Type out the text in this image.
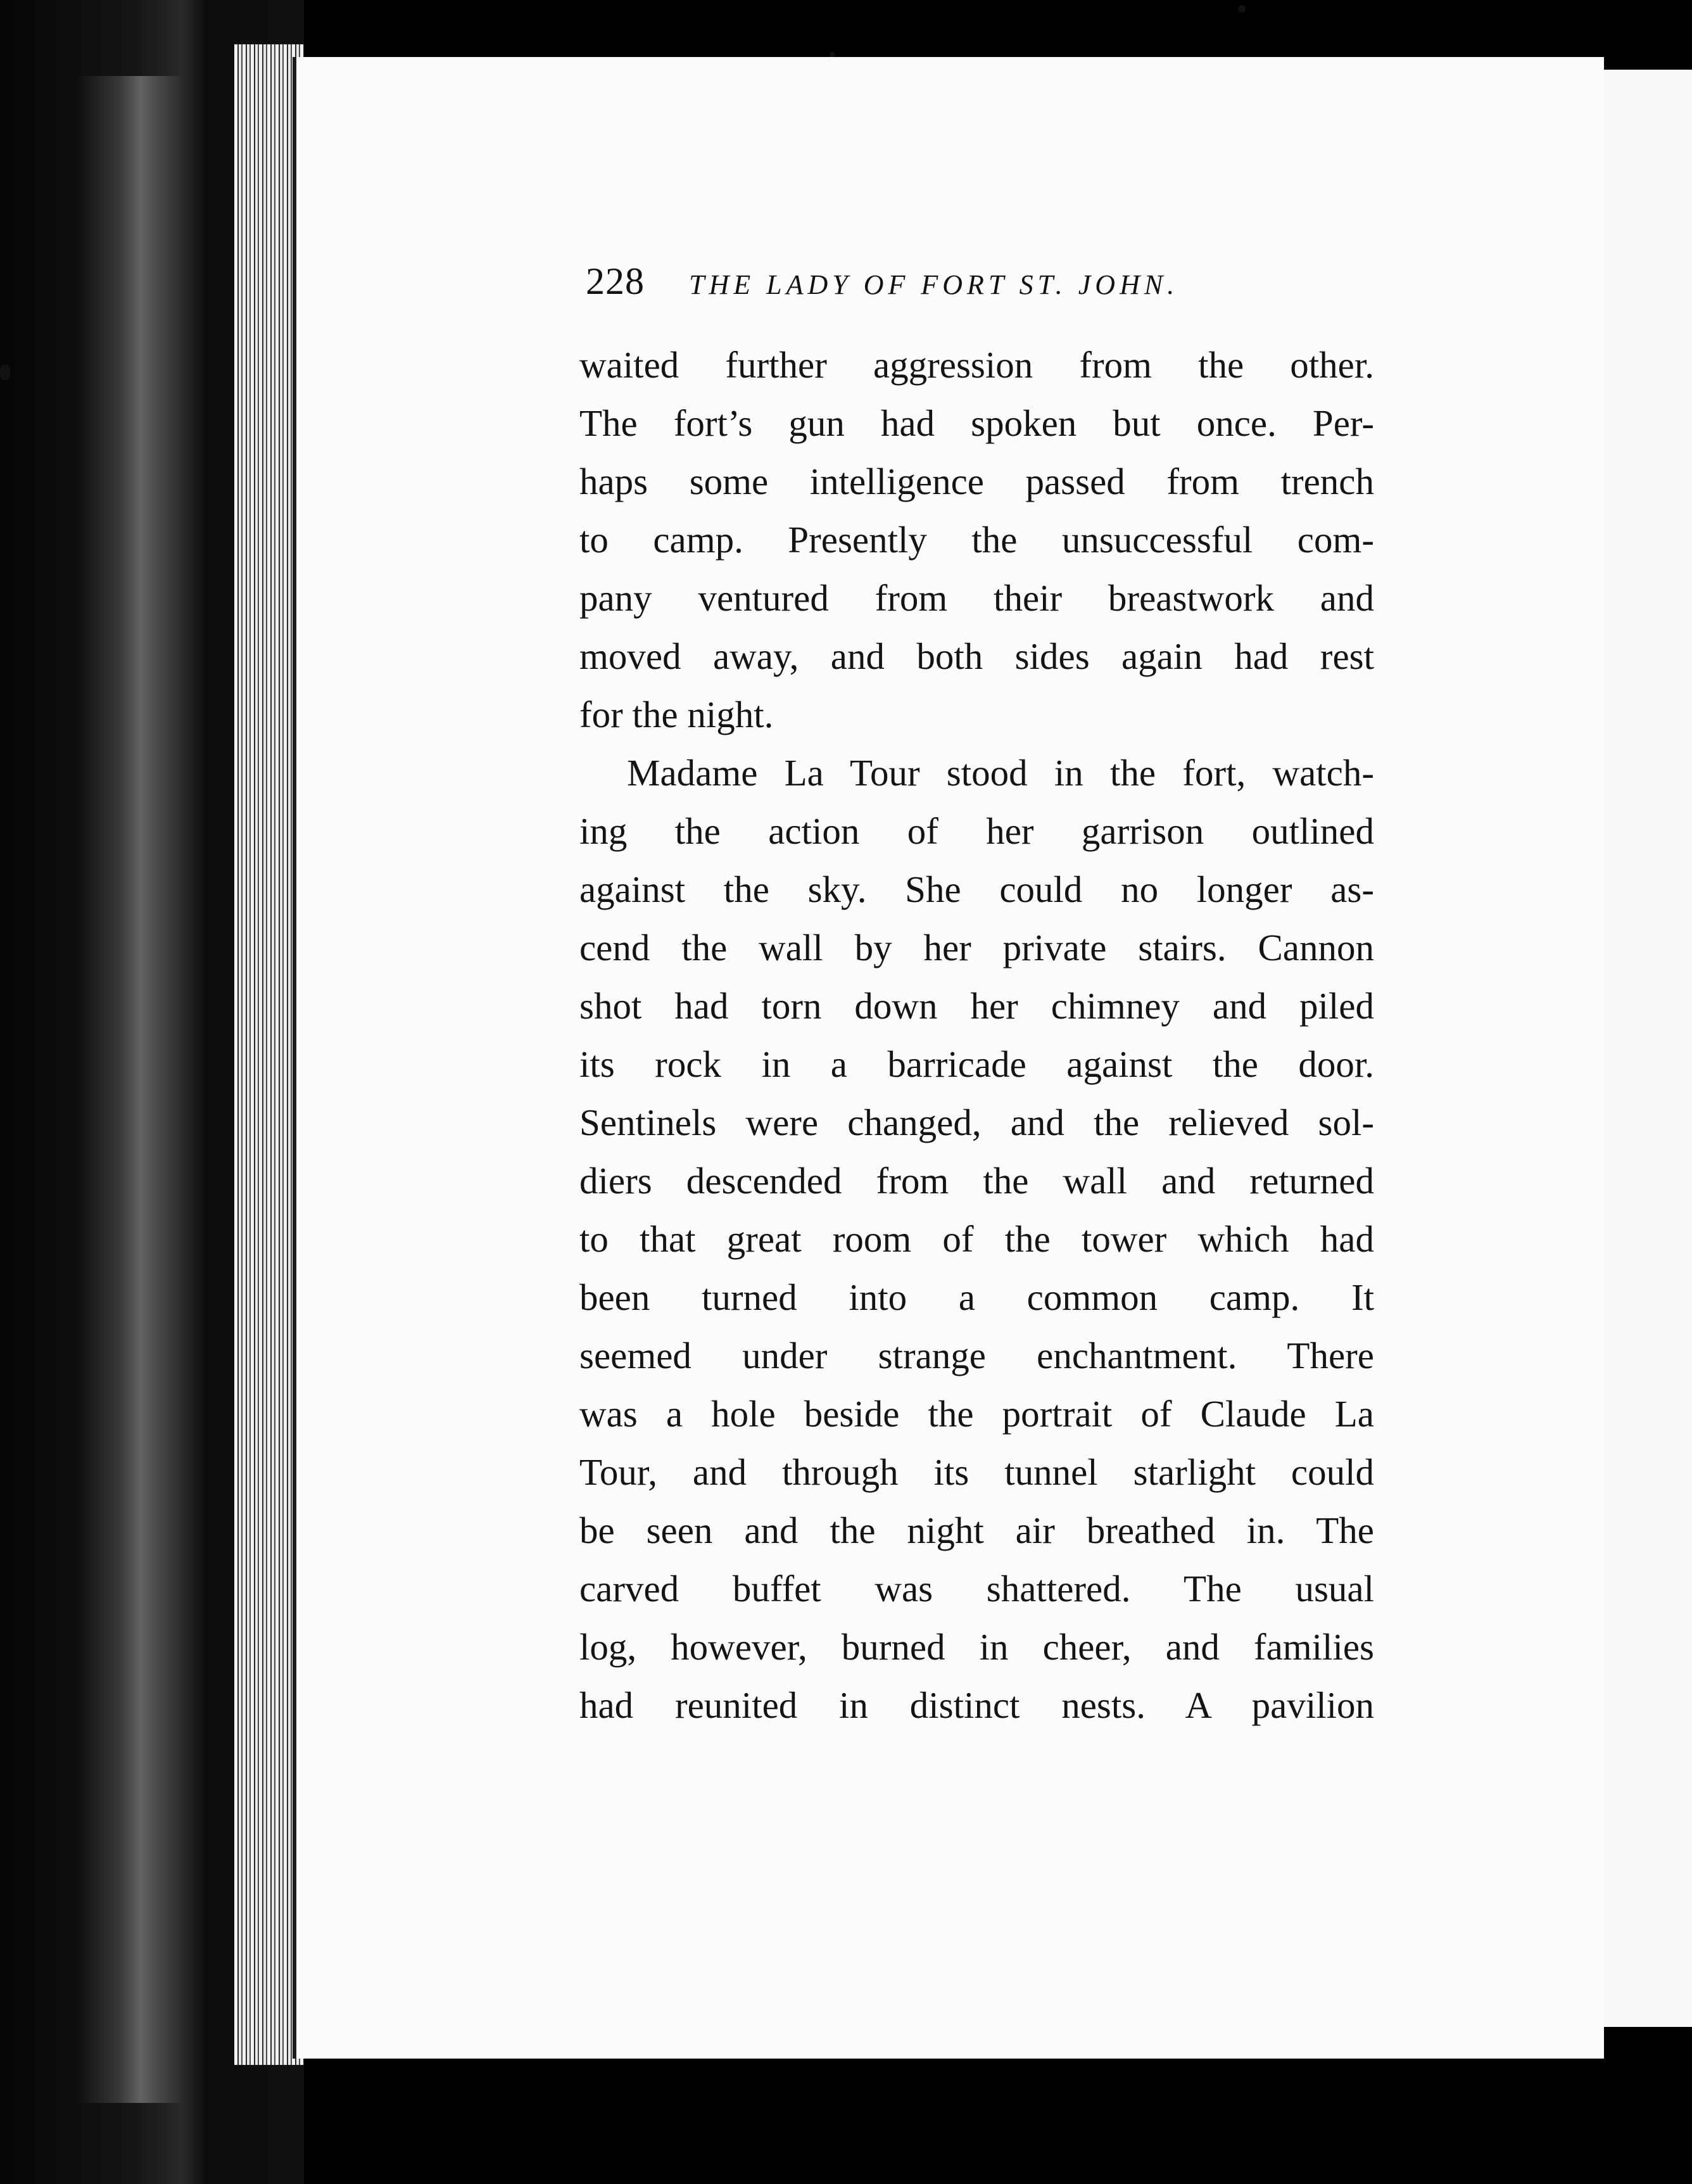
228 THE LADY OF FORT ST. JOHN.
waited further aggression from the other.
The fort’s gun had spoken but once. Per-
haps some intelligence passed from trench
to camp. Presently the unsuccessful com-
pany ventured from their breastwork and
moved away, and both sides again had rest
for the night.
Madame La Tour stood in the fort, watch-
ing the action of her garrison outlined
against the sky. She could no longer as-
cend the wall by her private stairs. Cannon
shot had torn down her chimney and piled
its rock in a barricade against the door.
Sentinels were changed, and the relieved sol-
diers descended from the wall and returned
to that great room of the tower which had
been turned into a common camp. It
seemed under strange enchantment. There
was a hole beside the portrait of Claude La
Tour, and through its tunnel starlight could
be seen and the night air breathed in. The
carved buffet was shattered. The usual
log, however, burned in cheer, and families
had reunited in distinct nests. A pavilion
